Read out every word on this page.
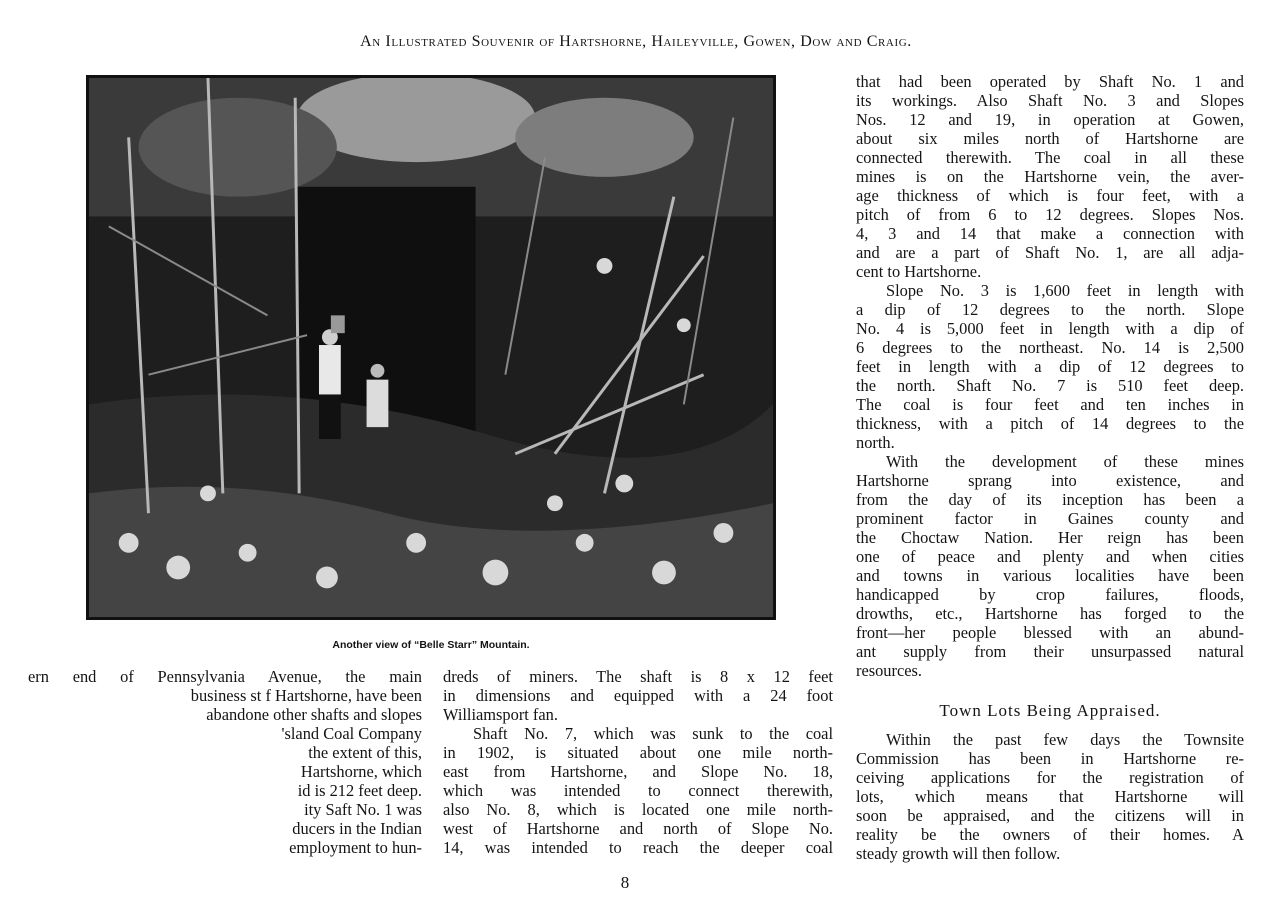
An Illustrated Souvenir of Hartshorne, Haileyville, Gowen, Dow and Craig.
Another view of “Belle Starr” Mountain.
ern end of Pennsylvania Avenue, the main
business st f Hartshorne, have been
abandone other shafts and slopes
'sland Coal Company
the extent of this,
Hartshorne, which
id is 212 feet deep.
ity Saft No. 1 was
ducers in the Indian
employment to hun-
dreds of miners. The shaft is 8 x 12 feet
in dimensions and equipped with a 24 foot
Williamsport fan.
Shaft No. 7, which was sunk to the coal
in 1902, is situated about one mile north-
east from Hartshorne, and Slope No. 18,
which was intended to connect therewith,
also No. 8, which is located one mile north-
west of Hartshorne and north of Slope No.
14, was intended to reach the deeper coal
that had been operated by Shaft No. 1 and
its workings. Also Shaft No. 3 and Slopes
Nos. 12 and 19, in operation at Gowen,
about six miles north of Hartshorne are
connected therewith. The coal in all these
mines is on the Hartshorne vein, the aver-
age thickness of which is four feet, with a
pitch of from 6 to 12 degrees. Slopes Nos.
4, 3 and 14 that make a connection with
and are a part of Shaft No. 1, are all adja-
cent to Hartshorne.
Slope No. 3 is 1,600 feet in length with
a dip of 12 degrees to the north. Slope
No. 4 is 5,000 feet in length with a dip of
6 degrees to the northeast. No. 14 is 2,500
feet in length with a dip of 12 degrees to
the north. Shaft No. 7 is 510 feet deep.
The coal is four feet and ten inches in
thickness, with a pitch of 14 degrees to the
north.
With the development of these mines
Hartshorne sprang into existence, and
from the day of its inception has been a
prominent factor in Gaines county and
the Choctaw Nation. Her reign has been
one of peace and plenty and when cities
and towns in various localities have been
handicapped by crop failures, floods,
drowths, etc., Hartshorne has forged to the
front—her people blessed with an abund-
ant supply from their unsurpassed natural
resources.
Town Lots Being Appraised.
Within the past few days the Townsite
Commission has been in Hartshorne re-
ceiving applications for the registration of
lots, which means that Hartshorne will
soon be appraised, and the citizens will in
reality be the owners of their homes. A
steady growth will then follow.
8
